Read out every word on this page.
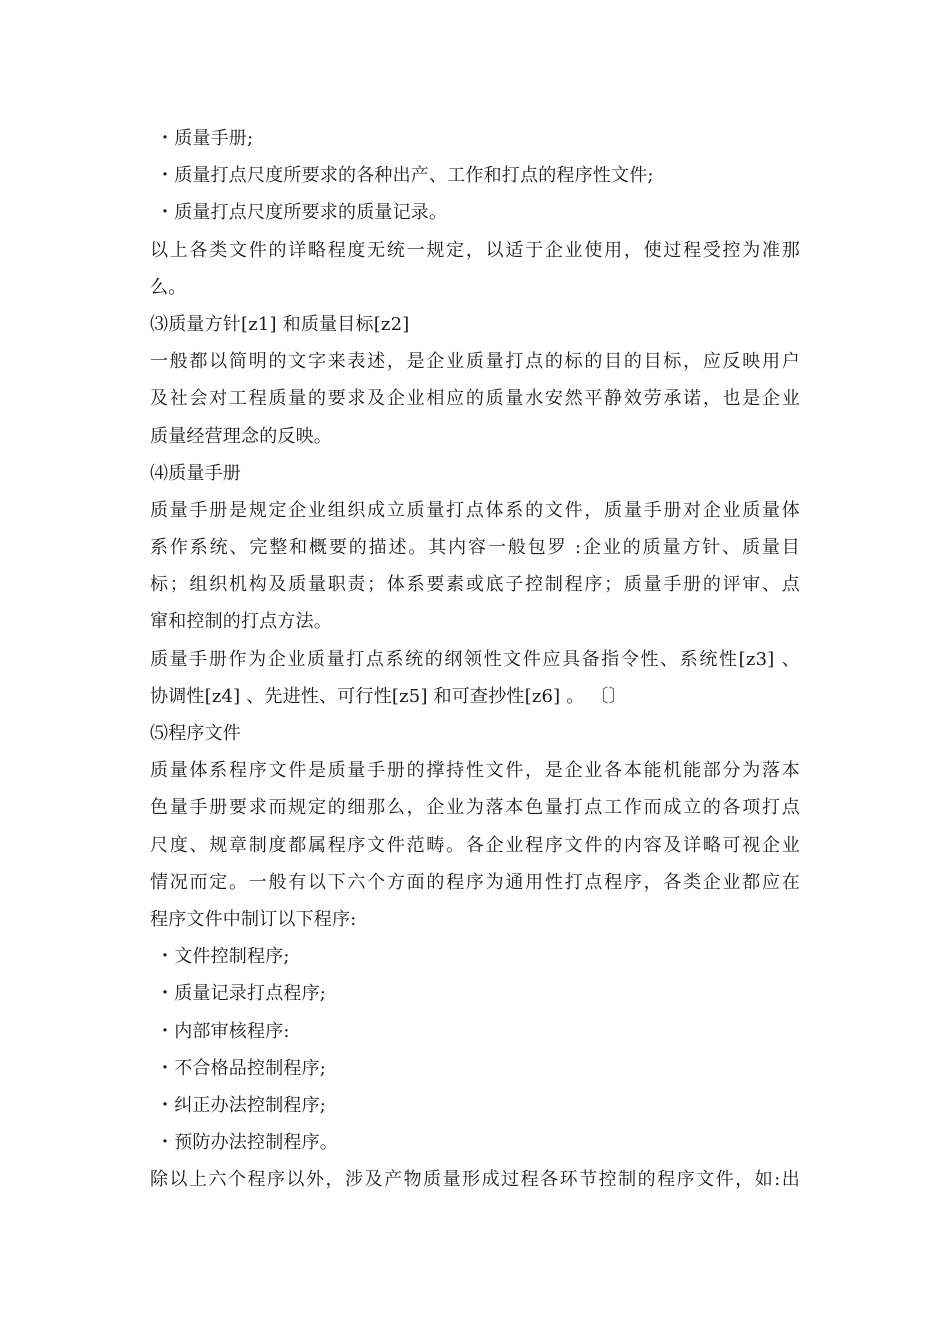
・质量手册;
・质量打点尺度所要求的各种出产、工作和打点的程序性文件;
・质量打点尺度所要求的质量记录。
以上各类文件的详略程度无统一规定，以适于企业使用，使过程受控为准那
么。
⑶质量方针[z1] 和质量目标[z2]
一般都以简明的文字来表述，是企业质量打点的标的目的目标，应反映用户
及社会对工程质量的要求及企业相应的质量水安然平静效劳承诺，也是企业
质量经营理念的反映。
⑷质量手册
质量手册是规定企业组织成立质量打点体系的文件，质量手册对企业质量体
系作系统、完整和概要的描述。其内容一般包罗 :企业的质量方针、质量目
标；组织机构及质量职责；体系要素或底子控制程序；质量手册的评审、点
窜和控制的打点方法。
质量手册作为企业质量打点系统的纲领性文件应具备指令性、系统性[z3] 、
协调性[z4] 、先进性、可行性[z5] 和可查抄性[z6] 。 〔〕
⑸程序文件
质量体系程序文件是质量手册的撑持性文件，是企业各本能机能部分为落本
色量手册要求而规定的细那么，企业为落本色量打点工作而成立的各项打点
尺度、规章制度都属程序文件范畴。各企业程序文件的内容及详略可视企业
情况而定。一般有以下六个方面的程序为通用性打点程序，各类企业都应在
程序文件中制订以下程序:
・文件控制程序;
・质量记录打点程序;
・内部审核程序:
・不合格品控制程序;
・纠正办法控制程序;
・预防办法控制程序。
除以上六个程序以外，涉及产物质量形成过程各环节控制的程序文件，如:出
